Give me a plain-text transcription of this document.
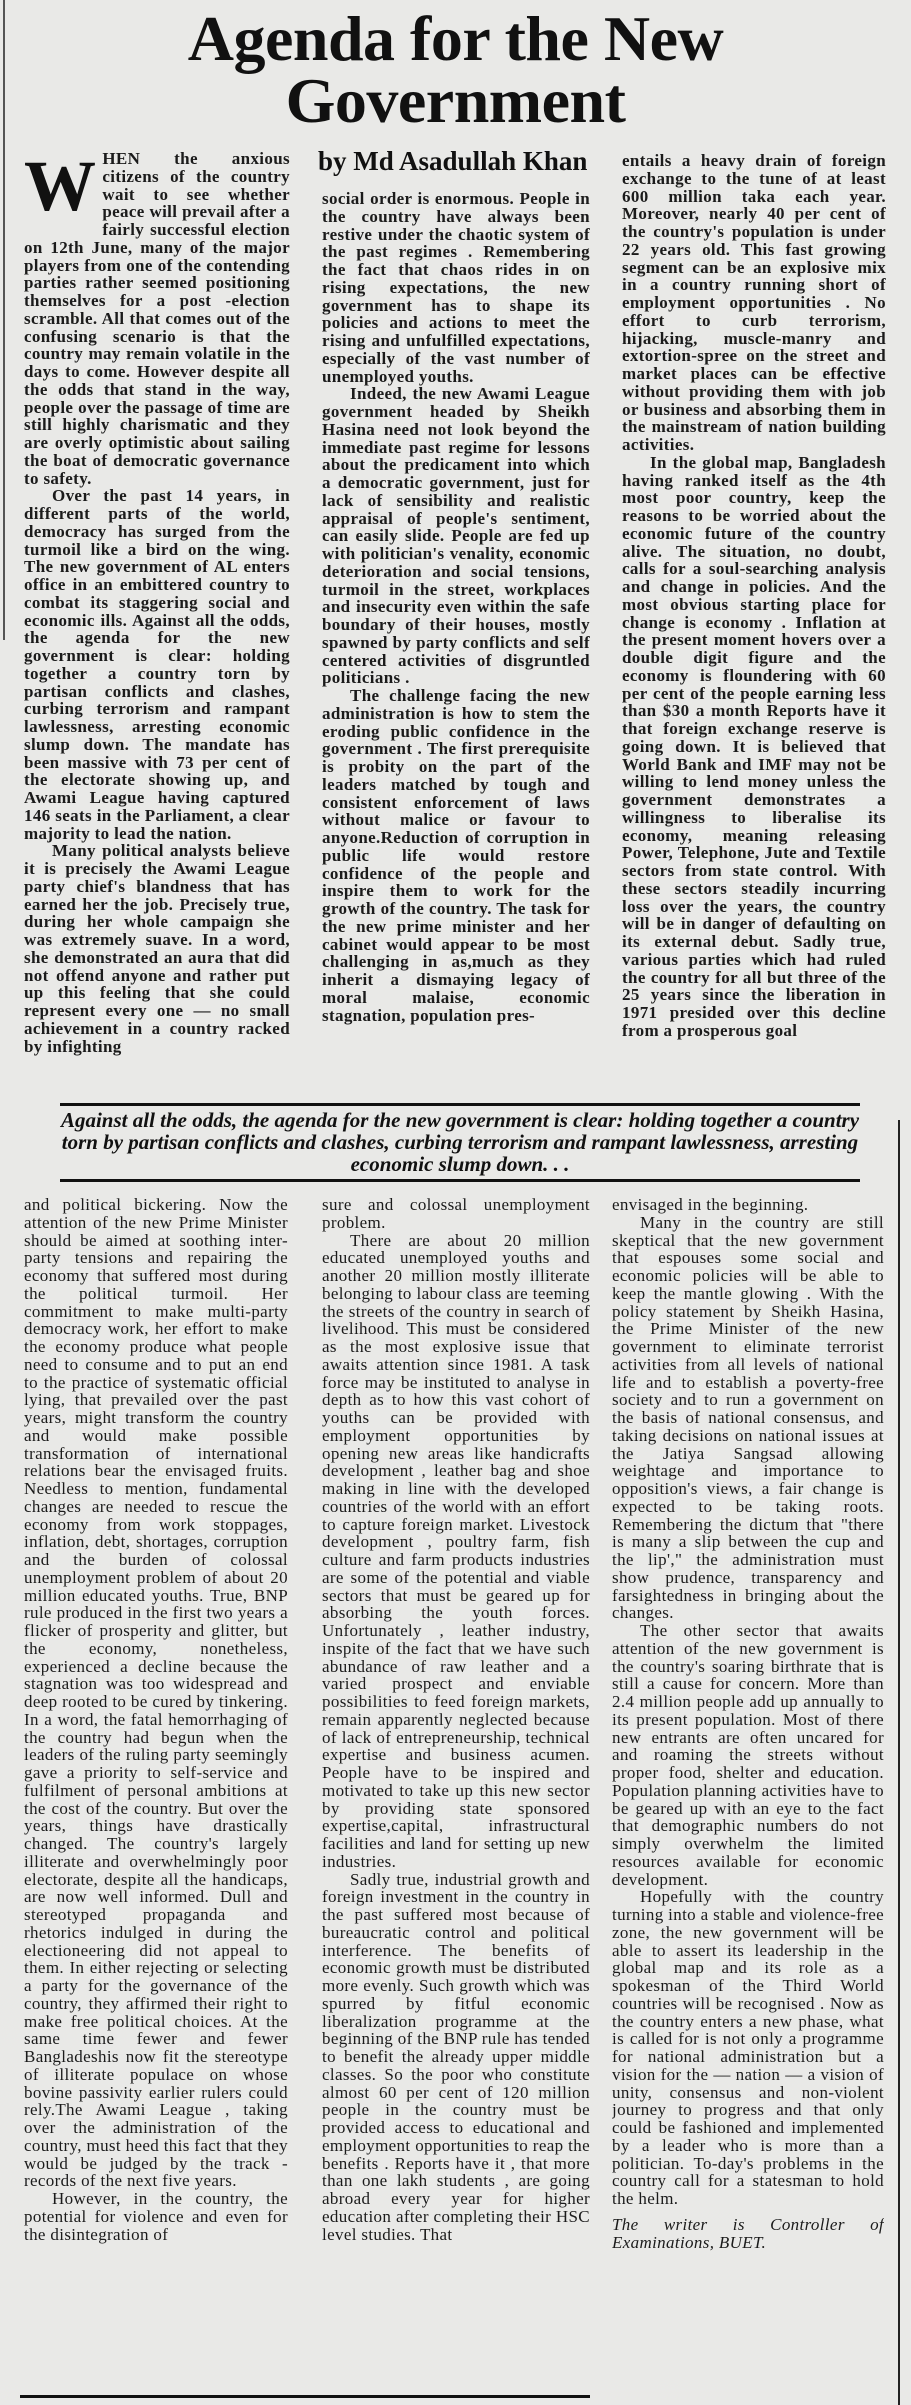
Agenda for the New
Government
by Md Asadullah Khan
W HEN the anxious citizens of the country wait to see whether peace will prevail after a fairly successful election on 12th June, many of the major players from one of the contending parties rather seemed positioning themselves for a post -election scramble. All that comes out of the confusing scenario is that the country may remain volatile in the days to come. However despite all the odds that stand in the way, people over the passage of time are still highly charismatic and they are overly optimistic about sailing the boat of democratic governance to safety.

Over the past 14 years, in different parts of the world, democracy has surged from the turmoil like a bird on the wing. The new government of AL enters office in an embittered country to combat its staggering social and economic ills. Against all the odds, the agenda for the new government is clear: holding together a country torn by partisan conflicts and clashes, curbing terrorism and rampant lawlessness, arresting economic slump down. The mandate has been massive with 73 per cent of the electorate showing up, and Awami League having captured 146 seats in the Parliament, a clear majority to lead the nation.

Many political analysts believe it is precisely the Awami League party chief's blandness that has earned her the job. Precisely true, during her whole campaign she was extremely suave. In a word, she demonstrated an aura that did not offend anyone and rather put up this feeling that she could represent every one — no small achievement in a country racked by infighting

social order is enormous. People in the country have always been restive under the chaotic system of the past regimes . Remembering the fact that chaos rides in on rising expectations, the new government has to shape its policies and actions to meet the rising and unfulfilled expectations, especially of the vast number of unemployed youths.

Indeed, the new Awami League government headed by Sheikh Hasina need not look beyond the immediate past regime for lessons about the predicament into which a democratic government, just for lack of sensibility and realistic appraisal of people's sentiment, can easily slide. People are fed up with politician's venality, economic deterioration and social tensions, turmoil in the street, workplaces and insecurity even within the safe boundary of their houses, mostly spawned by party conflicts and self centered activities of disgruntled politicians .

The challenge facing the new administration is how to stem the eroding public confidence in the government . The first prerequisite is probity on the part of the leaders matched by tough and consistent enforcement of laws without malice or favour to anyone.Reduction of corruption in public life would restore confidence of the people and inspire them to work for the growth of the country. The task for the new prime minister and her cabinet would appear to be most challenging in as,much as they inherit a dismaying legacy of moral malaise, economic stagnation, population pres-

entails a heavy drain of foreign exchange to the tune of at least 600 million taka each year. Moreover, nearly 40 per cent of the country's population is under 22 years old. This fast growing segment can be an explosive mix in a country running short of employment opportunities . No effort to curb terrorism, hijacking, muscle-manry and extortion-spree on the street and market places can be effective without providing them with job or business and absorbing them in the mainstream of nation building activities.

In the global map, Bangladesh having ranked itself as the 4th most poor country, keep the reasons to be worried about the economic future of the country alive. The situation, no doubt, calls for a soul-searching analysis and change in policies. And the most obvious starting place for change is economy . Inflation at the present moment hovers over a double digit figure and the economy is floundering with 60 per cent of the people earning less than $30 a month Reports have it that foreign exchange reserve is going down. It is believed that World Bank and IMF may not be willing to lend money unless the government demonstrates a willingness to liberalise its economy, meaning releasing Power, Telephone, Jute and Textile sectors from state control. With these sectors steadily incurring loss over the years, the country will be in danger of defaulting on its external debut. Sadly true, various parties which had ruled the country for all but three of the 25 years since the liberation in 1971 presided over this decline from a prosperous goal

Against all the odds, the agenda for the new government is clear: holding together a country torn by partisan conflicts and clashes, curbing terrorism and rampant lawlessness, arresting economic slump down. . .

and political bickering. Now the attention of the new Prime Minister should be aimed at soothing inter-party tensions and repairing the economy that suffered most during the political turmoil. Her commitment to make multi-party democracy work, her effort to make the economy produce what people need to consume and to put an end to the practice of systematic official lying, that prevailed over the past years, might transform the country and would make possible transformation of international relations bear the envisaged fruits. Needless to mention, fundamental changes are needed to rescue the economy from work stoppages, inflation, debt, shortages, corruption and the burden of colossal unemployment problem of about 20 million educated youths. True, BNP rule produced in the first two years a flicker of prosperity and glitter, but the economy, nonetheless, experienced a decline because the stagnation was too widespread and deep rooted to be cured by tinkering. In a word, the fatal hemorrhaging of the country had begun when the leaders of the ruling party seemingly gave a priority to self-service and fulfilment of personal ambitions at the cost of the country. But over the years, things have drastically changed. The country's largely illiterate and overwhelmingly poor electorate, despite all the handicaps, are now well informed. Dull and stereotyped propaganda and rhetorics indulged in during the electioneering did not appeal to them. In either rejecting or selecting a party for the governance of the country, they affirmed their right to make free political choices. At the same time fewer and fewer Bangladeshis now fit the stereotype of illiterate populace on whose bovine passivity earlier rulers could rely.The Awami League , taking over the administration of the country, must heed this fact that they would be judged by the track -records of the next five years.

However, in the country, the potential for violence and even for the disintegration of

sure and colossal unemployment problem.

There are about 20 million educated unemployed youths and another 20 million mostly illiterate belonging to labour class are teeming the streets of the country in search of livelihood. This must be considered as the most explosive issue that awaits attention since 1981. A task force may be instituted to analyse in depth as to how this vast cohort of youths can be provided with employment opportunities by opening new areas like handicrafts development , leather bag and shoe making in line with the developed countries of the world with an effort to capture foreign market. Livestock development , poultry farm, fish culture and farm products industries are some of the potential and viable sectors that must be geared up for absorbing the youth forces. Unfortunately , leather industry, inspite of the fact that we have such abundance of raw leather and a varied prospect and enviable possibilities to feed foreign markets, remain apparently neglected because of lack of entrepreneurship, technical expertise and business acumen. People have to be inspired and motivated to take up this new sector by providing state sponsored expertise,capital, infrastructural facilities and land for setting up new industries.

Sadly true, industrial growth and foreign investment in the country in the past suffered most because of bureaucratic control and political interference. The benefits of economic growth must be distributed more evenly. Such growth which was spurred by fitful economic liberalization programme at the beginning of the BNP rule has tended to benefit the already upper middle classes. So the poor who constitute almost 60 per cent of 120 million people in the country must be provided access to educational and employment opportunities to reap the benefits . Reports have it , that more than one lakh students , are going abroad every year for higher education after completing their HSC level studies. That

envisaged in the beginning.

Many in the country are still skeptical that the new government that espouses some social and economic policies will be able to keep the mantle glowing . With the policy statement by Sheikh Hasina, the Prime Minister of the new government to eliminate terrorist activities from all levels of national life and to establish a poverty-free society and to run a government on the basis of national consensus, and taking decisions on national issues at the Jatiya Sangsad allowing weightage and importance to opposition's views, a fair change is expected to be taking roots. Remembering the dictum that "there is many a slip between the cup and the lip'," the administration must show prudence, transparency and farsightedness in bringing about the changes.

The other sector that awaits attention of the new government is the country's soaring birthrate that is still a cause for concern. More than 2.4 million people add up annually to its present population. Most of there new entrants are often uncared for and roaming the streets without proper food, shelter and education. Population planning activities have to be geared up with an eye to the fact that demographic numbers do not simply overwhelm the limited resources available for economic development.

Hopefully with the country turning into a stable and violence-free zone, the new government will be able to assert its leadership in the global map and its role as a spokesman of the Third World countries will be recognised . Now as the country enters a new phase, what is called for is not only a programme for national administration but a vision for the — nation — a vision of unity, consensus and non-violent journey to progress and that only could be fashioned and implemented by a leader who is more than a politician. To-day's problems in the country call for a statesman to hold the helm.

The writer is Controller of Examinations, BUET.
